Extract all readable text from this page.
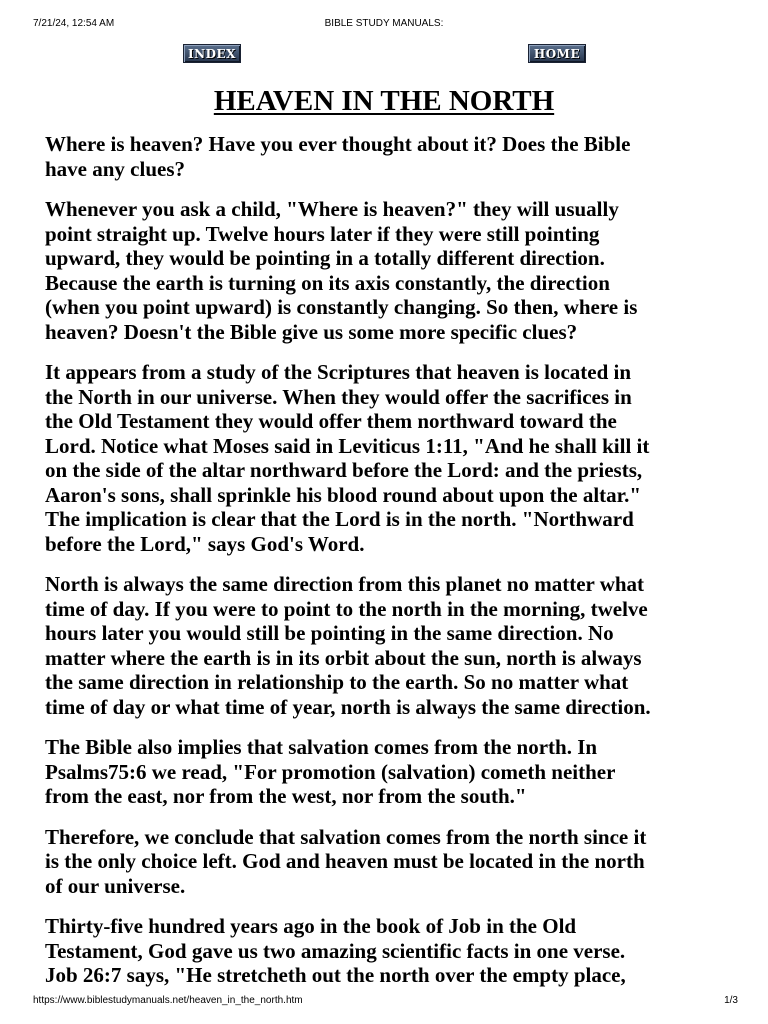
7/21/24, 12:54 AM	BIBLE STUDY MANUALS:
INDEX	HOME
HEAVEN IN THE NORTH

Where is heaven? Have you ever thought about it? Does the Bible
have any clues?

Whenever you ask a child, "Where is heaven?" they will usually
point straight up. Twelve hours later if they were still pointing
upward, they would be pointing in a totally different direction.
Because the earth is turning on its axis constantly, the direction
(when you point upward) is constantly changing. So then, where is
heaven? Doesn't the Bible give us some more specific clues?

It appears from a study of the Scriptures that heaven is located in
the North in our universe. When they would offer the sacrifices in
the Old Testament they would offer them northward toward the
Lord. Notice what Moses said in Leviticus 1:11, "And he shall kill it
on the side of the altar northward before the Lord: and the priests,
Aaron's sons, shall sprinkle his blood round about upon the altar."
The implication is clear that the Lord is in the north. "Northward
before the Lord," says God's Word.

North is always the same direction from this planet no matter what
time of day. If you were to point to the north in the morning, twelve
hours later you would still be pointing in the same direction. No
matter where the earth is in its orbit about the sun, north is always
the same direction in relationship to the earth. So no matter what
time of day or what time of year, north is always the same direction.

The Bible also implies that salvation comes from the north. In
Psalms75:6 we read, "For promotion (salvation) cometh neither
from the east, nor from the west, nor from the south."

Therefore, we conclude that salvation comes from the north since it
is the only choice left. God and heaven must be located in the north
of our universe.

Thirty-five hundred years ago in the book of Job in the Old
Testament, God gave us two amazing scientific facts in one verse.
Job 26:7 says, "He stretcheth out the north over the empty place,

https://www.biblestudymanuals.net/heaven_in_the_north.htm	1/3
